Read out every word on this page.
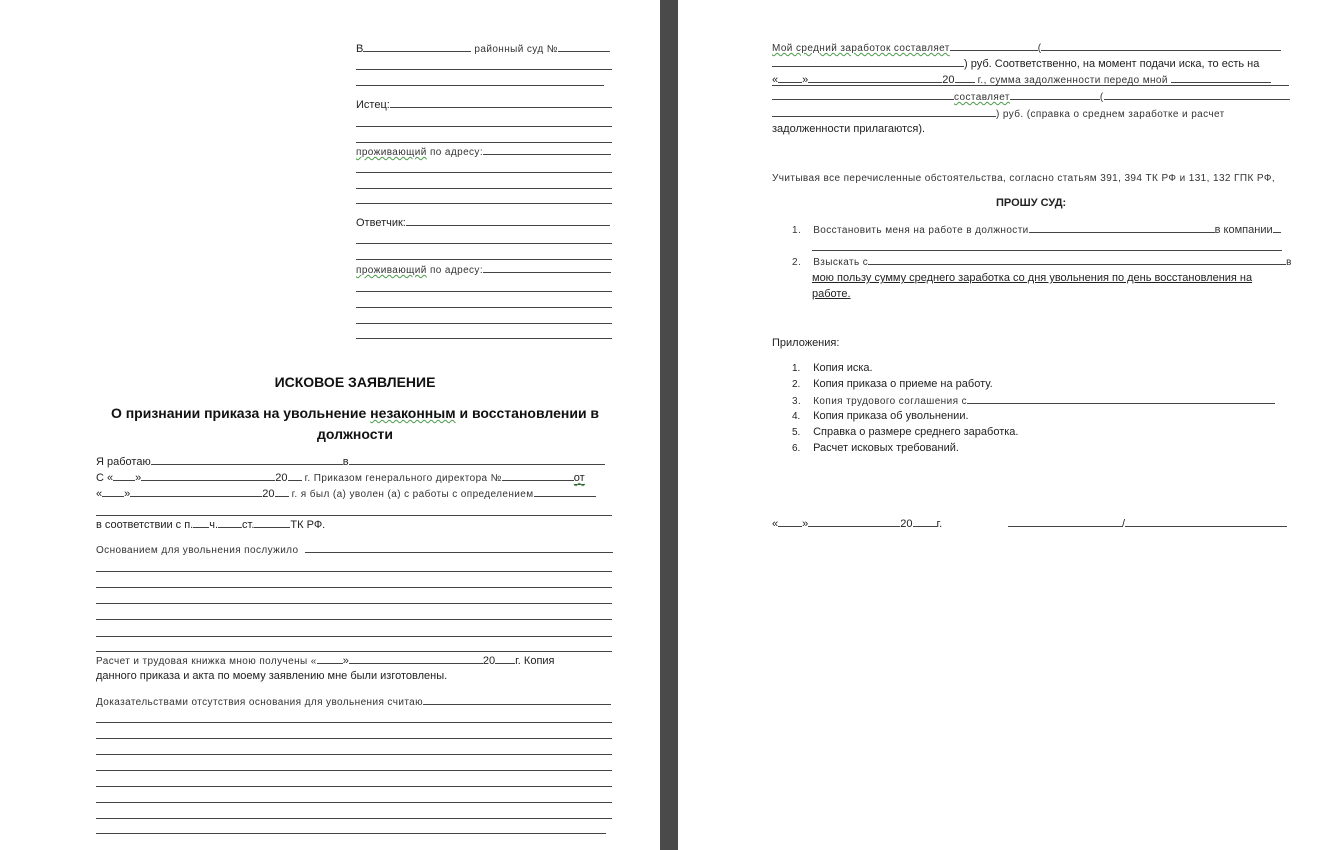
В	районный суд №
Истец:
проживающий по адресу:
Ответчик:
проживающий по адресу:
ИСКОВОЕ ЗАЯВЛЕНИЕ
О признании приказа на увольнение незаконным и восстановлении в
должности
Я работаю	в
С « »	20 г. Приказом генерального директора №	от
« »	20 г. я был (а) уволен (а) с работы с определением
в соответствии с п. ч. ст.	ТК РФ.
Основанием для увольнения послужило
Расчет и трудовая книжка мною получены « »	20 г. Копия
данного приказа и акта по моему заявлению мне были изготовлены.
Доказательствами отсутствия основания для увольнения считаю
Мой средний заработок составляет	(
) руб. Соответственно, на момент подачи иска, то есть на
« »	20 г., сумма задолженности передо мной
составляет	(
) руб. (справка о среднем заработке и расчет
задолженности прилагаются).
Учитывая все перечисленные обстоятельства, согласно статьям 391, 394 ТК РФ и 131, 132 ГПК РФ,
ПРОШУ СУД:
1. Восстановить меня на работе в должности	в компании
2. Взыскать с	в
мою пользу сумму среднего заработка со дня увольнения по день восстановления на
работе.
Приложения:
1. Копия иска.
2. Копия приказа о приеме на работу.
3. Копия трудового соглашения с
4. Копия приказа об увольнении.
5. Справка о размере среднего заработка.
6. Расчет исковых требований.
« »	20 г.	/
